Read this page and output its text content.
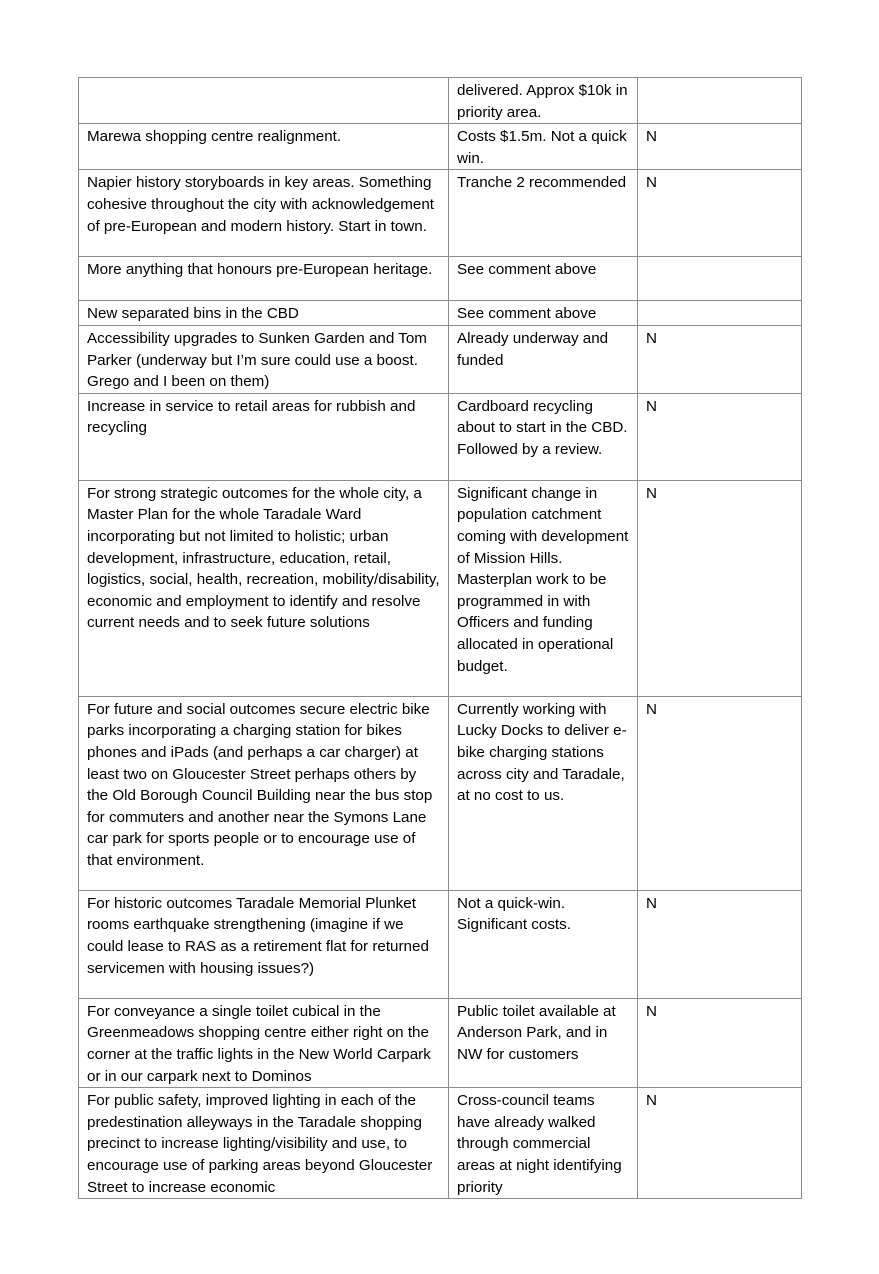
	delivered. Approx $10k in priority area.	
Marewa shopping centre realignment.	Costs $1.5m. Not a quick win.	N
Napier history storyboards in key areas. Something cohesive throughout the city with acknowledgement of pre-European and modern history. Start in town.	Tranche 2 recommended	N
More anything that honours pre-European heritage.	See comment above	
New separated bins in the CBD	See comment above	
Accessibility upgrades to Sunken Garden and Tom Parker (underway but I’m sure could use a boost. Grego and I been on them)	Already underway and funded	N
Increase in service to retail areas for rubbish and recycling	Cardboard recycling about to start in the CBD. Followed by a review.	N
For strong strategic outcomes for the whole city, a Master Plan for the whole Taradale Ward incorporating but not limited to holistic; urban development, infrastructure, education, retail, logistics, social, health, recreation, mobility/disability, economic and employment to identify and resolve current needs and to seek future solutions	Significant change in population catchment coming with development of Mission Hills. Masterplan work to be programmed in with Officers and funding allocated in operational budget.	N
For future and social outcomes secure electric bike parks incorporating a charging station for bikes phones and iPads (and perhaps a car charger) at least two on Gloucester Street perhaps others by the Old Borough Council Building near the bus stop for commuters and another near the Symons Lane car park for sports people or to encourage use of that environment.	Currently working with Lucky Docks to deliver e-bike charging stations across city and Taradale, at no cost to us.	N
For historic outcomes Taradale Memorial Plunket rooms earthquake strengthening (imagine if we could lease to RAS as a retirement flat for returned servicemen with housing issues?)	Not a quick-win. Significant costs.	N
For conveyance a single toilet cubical in the Greenmeadows shopping centre either right on the corner at the traffic lights in the New World Carpark or in our carpark next to Dominos	Public toilet available at Anderson Park, and in NW for customers	N
For public safety, improved lighting in each of the predestination alleyways in the Taradale shopping precinct to increase lighting/visibility and use, to encourage use of parking areas beyond Gloucester Street to increase economic	Cross-council teams have already walked through commercial areas at night identifying priority	N
